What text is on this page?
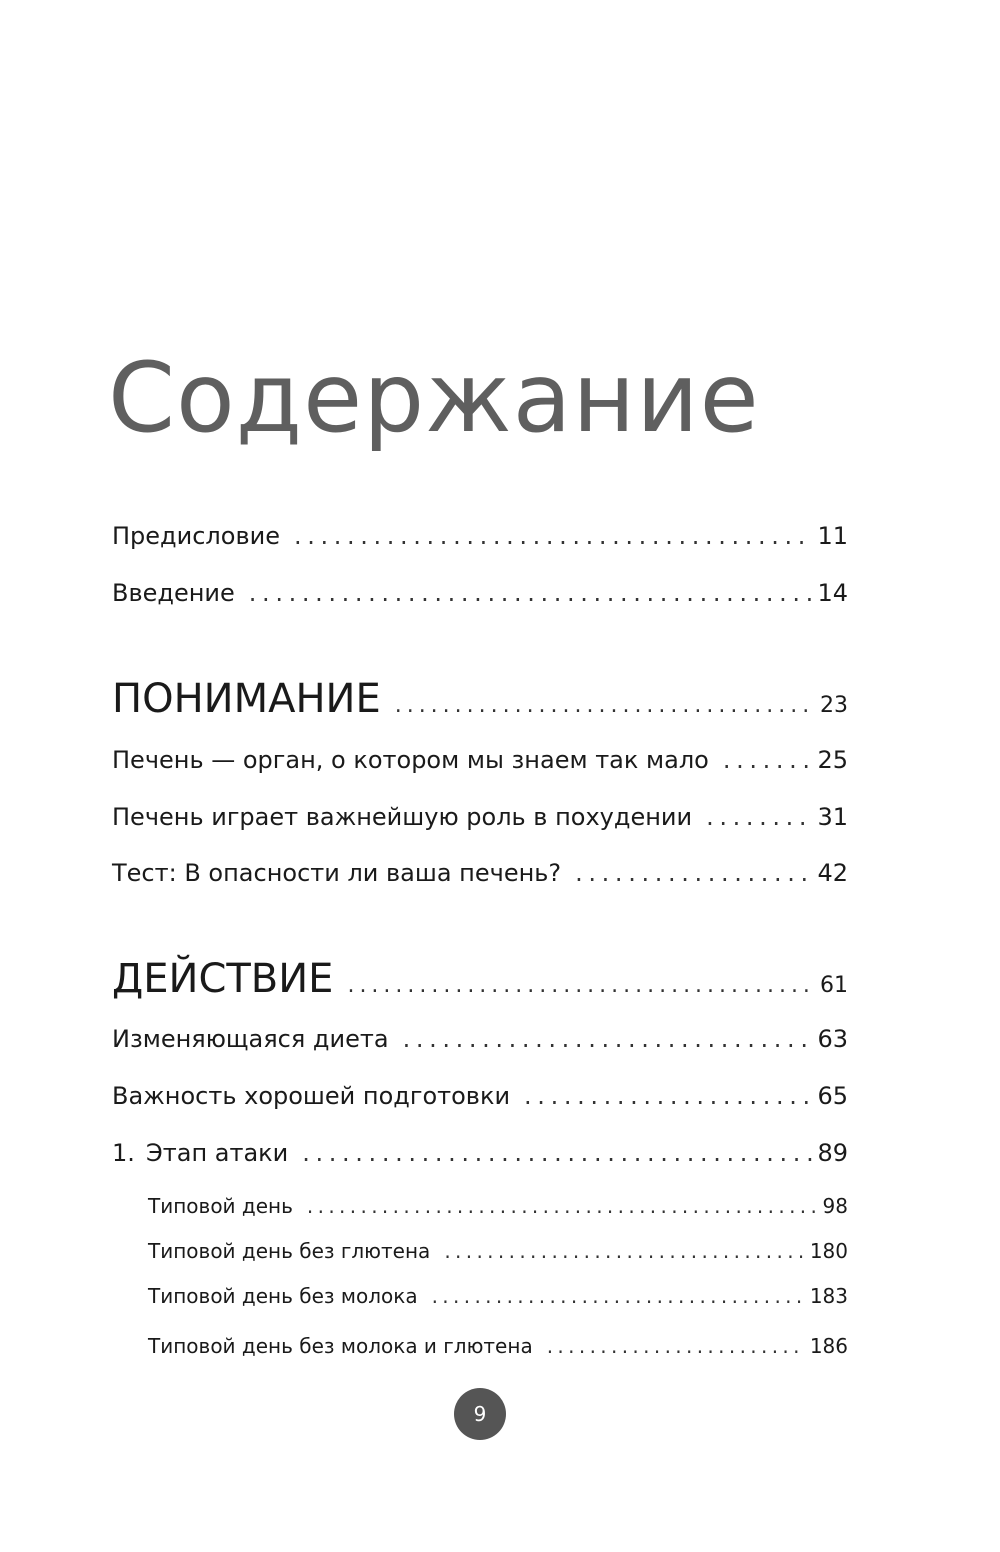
Содержание
Предисловие . . .	11
Введение . . .	14
ПОНИМАНИЕ . . .	23
Печень — орган, о котором мы знаем так мало . . .	25
Печень играет важнейшую роль в похудении . . .	31
Тест: В опасности ли ваша печень? . . .	42
ДЕЙСТВИЕ . . .	61
Изменяющаяся диета . . .	63
Важность хорошей подготовки . . .	65
1. Этап атаки . . .	89
Типовой день . . .	98
Типовой день без глютена . . .	180
Типовой день без молока . . .	183
Типовой день без молока и глютена . . .	186
9
